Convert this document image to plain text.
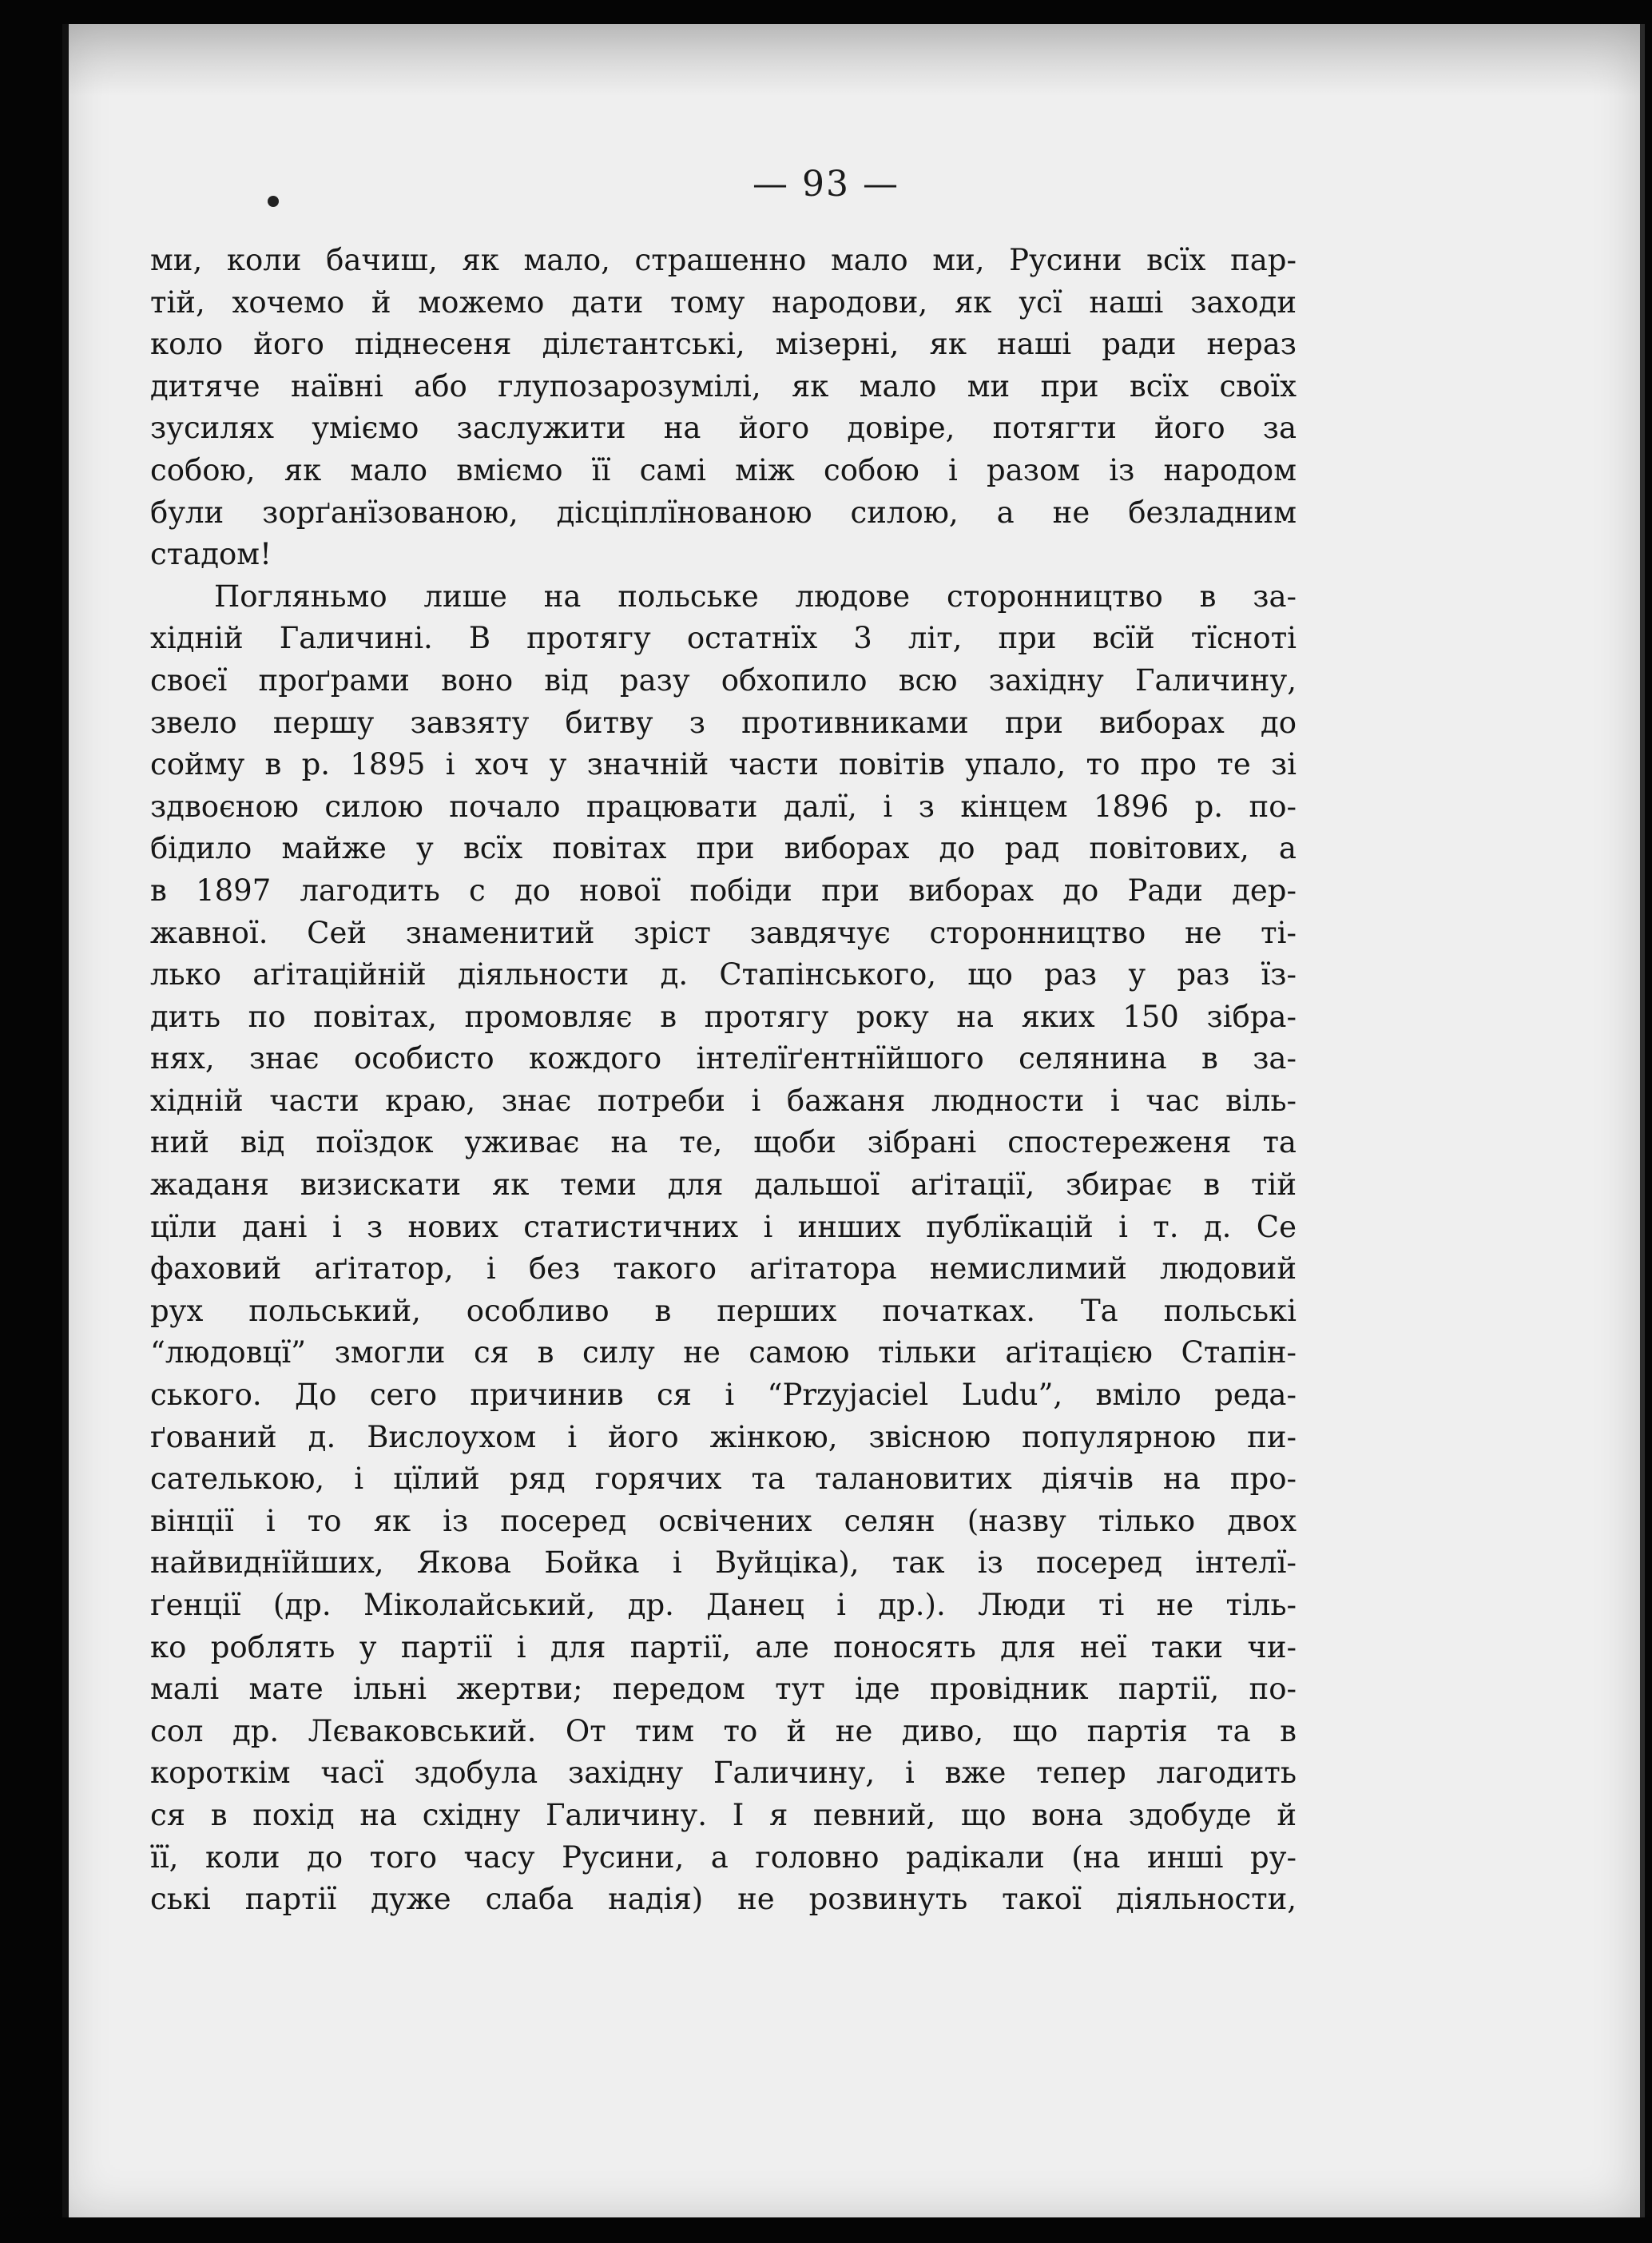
— 93 —
ми, коли бачиш, як мало, страшенно мало ми, Русини всїх пар-
тій, хочемо й можемо дати тому народови, як усї наші заходи
коло його піднесеня ділєтантські, мізерні, як наші ради нераз
дитяче наївні або глупозарозумілі, як мало ми при всїх своїх
зусилях уміємо заслужити на його довіре, потягти його за
собою, як мало вміємо її самі між собою і разом із народом
були зорґанїзованою, дісціплїнованою силою, а не безладним
стадом!
Погляньмо лише на польське людове сторонництво в за-
хідній Галичині. В протягу остатнїх 3 літ, при всїй тїсноті
своєї проґрами воно від разу обхопило всю західну Галичину,
звело першу завзяту битву з противниками при виборах до
сойму в р. 1895 і хоч у значній части повітів упало, то про те зі
здвоєною силою почало працювати далї, і з кінцем 1896 р. по-
бідило майже у всїх повітах при виборах до рад повітових, а
в 1897 лагодить с до нової побіди при виборах до Ради дер-
жавної. Сей знаменитий зріст завдячує сторонництво не ті-
лько аґітаційній діяльности д. Стапінського, що раз у раз їз-
дить по повітах, промовляє в протягу року на яких 150 зібра-
нях, знає особисто кождого інтелїґентнїйшого селянина в за-
хідній части краю, знає потреби і бажаня людности і час віль-
ний від поїздок уживає на те, щоби зібрані спостереженя та
жаданя визискати як теми для дальшої аґітації, збирає в тій
цїли дані і з нових статистичних і инших публїкацій і т. д. Се
фаховий аґітатор, і без такого аґітатора немислимий людовий
рух польський, особливо в перших початках. Та польські
“людовцї” змогли ся в силу не самою тільки аґітацією Стапін-
ського. До сего причинив ся і “Przyjaciel Ludu”, вміло реда-
ґований д. Вислоухом і його жінкою, звісною популярною пи-
сателькою, і цїлий ряд горячих та талановитих діячів на про-
вінції і то як із посеред освічених селян (назву тілько двох
найвиднїйших, Якова Бойка і Вуйціка), так із посеред інтелї-
ґенції (др. Міколайський, др. Данец і др.). Люди ті не тіль-
ко роблять у партії і для партії, але поносять для неї таки чи-
малі мате ільні жертви; передом тут іде провідник партії, по-
сол др. Лєваковський. От тим то й не диво, що партія та в
короткім часї здобула західну Галичину, і вже тепер лагодить
ся в похід на східну Галичину. І я певний, що вона здобуде й
її, коли до того часу Русини, а головно радікали (на инші ру-
ські партії дуже слаба надія) не розвинуть такої діяльности,
